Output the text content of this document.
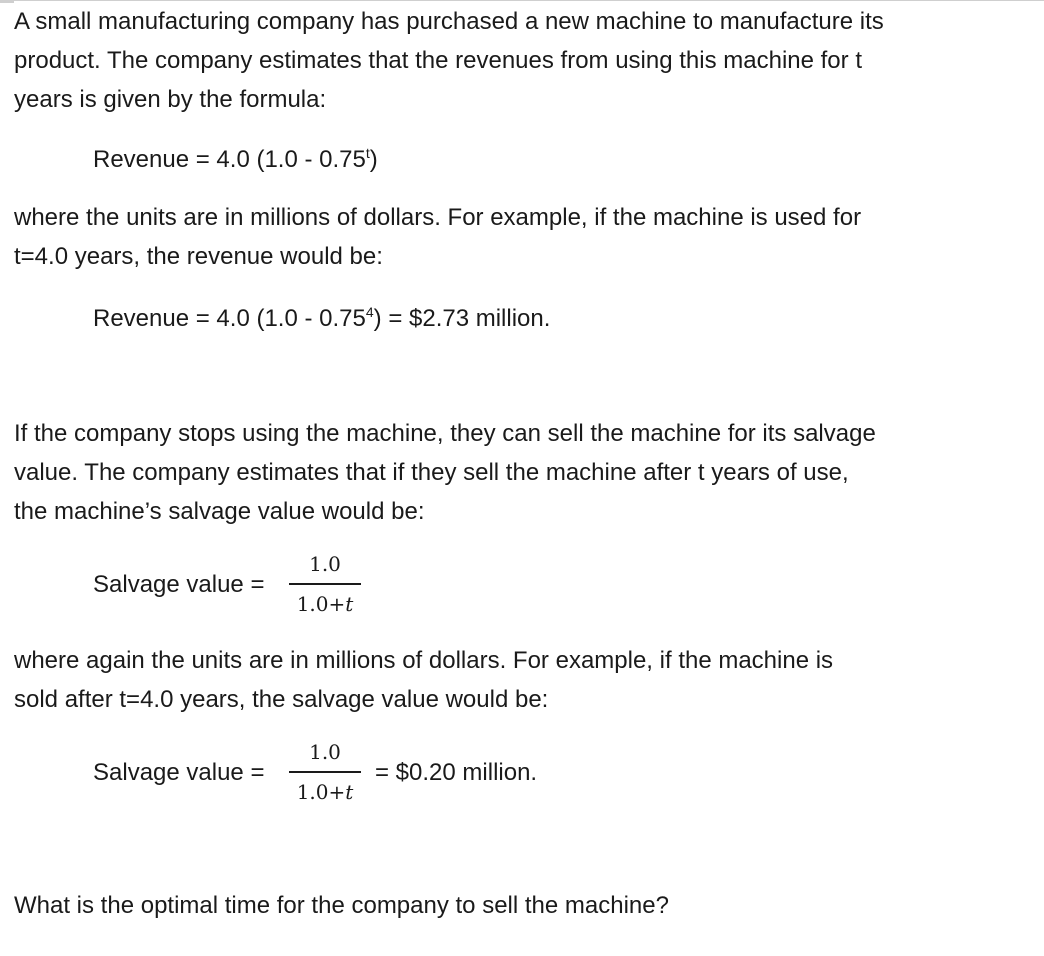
A small manufacturing company has purchased a new machine to manufacture its
product. The company estimates that the revenues from using this machine for t
years is given by the formula:

Revenue = 4.0 (1.0 - 0.75$^t$)

where the units are in millions of dollars. For example, if the machine is used for
t=4.0 years, the revenue would be:

Revenue = 4.0 $(1.0 - 0.75^4)$ = $2.73 million.

If the company stops using the machine, they can sell the machine for its salvage
value. The company estimates that if they sell the machine after t years of use,
the machine’s salvage value would be:

Salvage value =
1.0
1.0+t

where again the units are in millions of dollars. For example, if the machine is
sold after t=4.0 years, the salvage value would be:

Salvage value =
1.0
1.0+t
= $0.20 million.

What is the optimal time for the company to sell the machine?
